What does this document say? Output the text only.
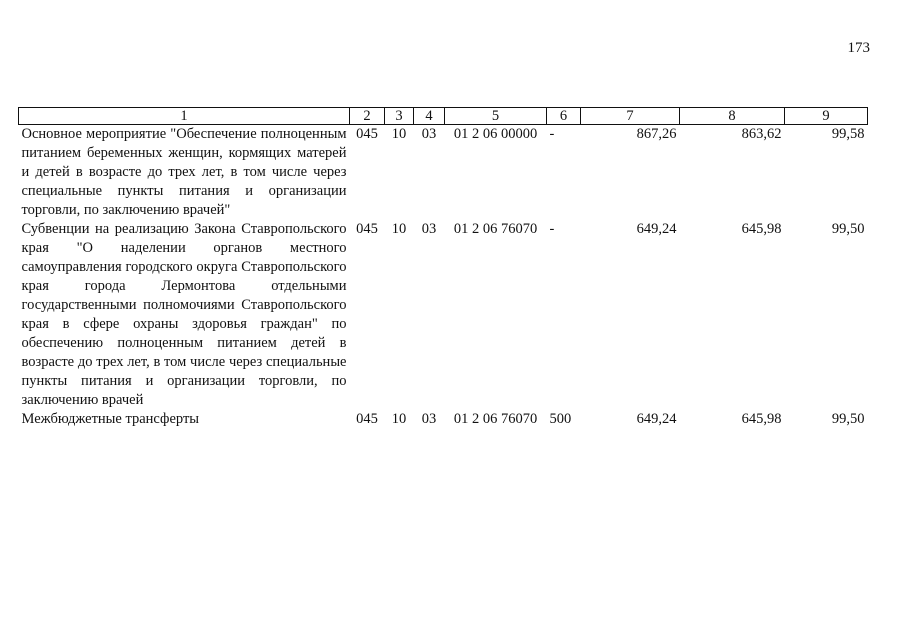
173
1	2	3	4	5	6	7	8	9
Основное мероприятие "Обеспечение полноценным питанием беременных женщин, кормящих матерей и детей в возрасте до трех лет, в том числе через специальные пункты питания и организации торговли, по заключению врачей"	045	10	03	01 2 06 00000	-	867,26	863,62	99,58
Субвенции на реализацию Закона Ставропольского края "О наделении органов местного самоуправления городского округа Ставропольского края города Лермонтова отдельными государственными полномочиями Ставропольского края в сфере охраны здоровья граждан" по обеспечению полноценным питанием детей в возрасте до трех лет, в том числе через специальные пункты питания и организации торговли, по заключению врачей	045	10	03	01 2 06 76070	-	649,24	645,98	99,50
Межбюджетные трансферты	045	10	03	01 2 06 76070	500	649,24	645,98	99,50
